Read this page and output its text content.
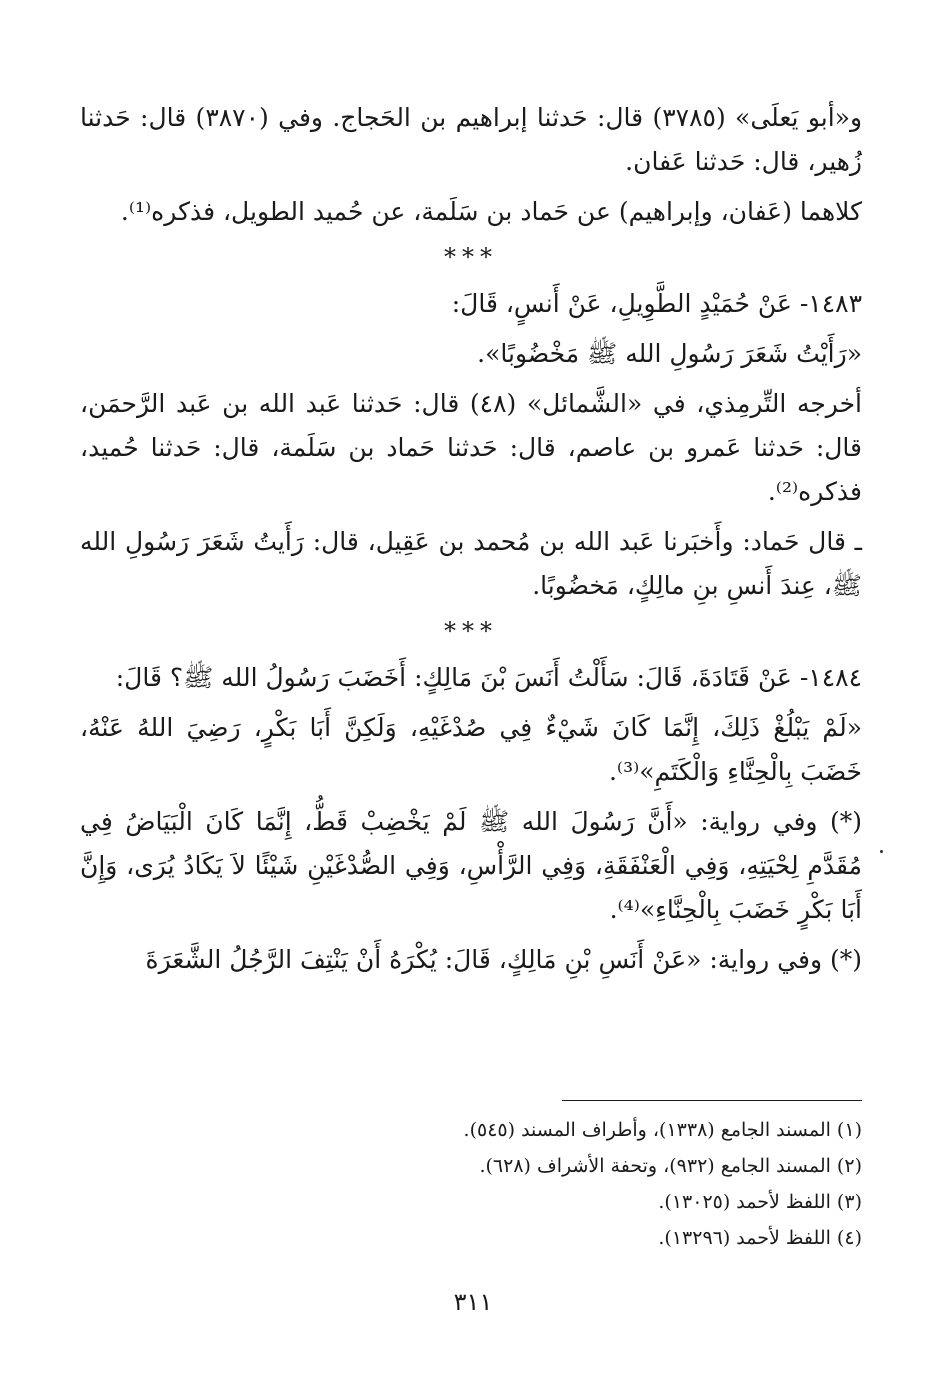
و«أبو يَعلَى» (٣٧٨٥) قال: حَدثنا إبراهيم بن الحَجاج. وفي (٣٨٧٠) قال: حَدثنا زُهير، قال: حَدثنا عَفان.

كلاهما (عَفان، وإبراهيم) عن حَماد بن سَلَمة، عن حُميد الطويل، فذكره⁽¹⁾.

***

١٤٨٣- عَنْ حُمَيْدٍ الطَّوِيلِ، عَنْ أَنسٍ، قَالَ:

«رَأَيْتُ شَعَرَ رَسُولِ الله ﷺ مَخْضُوبًا».

أخرجه التِّرمِذي، في «الشَّمائل» (٤٨) قال: حَدثنا عَبد الله بن عَبد الرَّحمَن، قال: حَدثنا عَمرو بن عاصم، قال: حَدثنا حَماد بن سَلَمة، قال: حَدثنا حُميد، فذكره⁽²⁾.

ـ قال حَماد: وأَخبَرنا عَبد الله بن مُحمد بن عَقِيل، قال: رَأَيتُ شَعَرَ رَسُولِ الله ﷺ، عِندَ أَنسِ بنِ مالِكٍ، مَخضُوبًا.

***

١٤٨٤- عَنْ قَتَادَةَ، قَالَ: سَأَلْتُ أَنَسَ بْنَ مَالِكٍ: أَخَضَبَ رَسُولُ الله ﷺ؟ قَالَ:

«لَمْ يَبْلُغْ ذَلِكَ، إِنَّمَا كَانَ شَيْءٌ فِي صُدْغَيْهِ، وَلَكِنَّ أَبَا بَكْرٍ، رَضِيَ اللهُ عَنْهُ، خَضَبَ بِالْحِنَّاءِ وَالْكَتَمِ»⁽³⁾.

(*) وفي رواية: «أَنَّ رَسُولَ الله ﷺ لَمْ يَخْضِبْ قَطُّ، إِنَّمَا كَانَ الْبَيَاضُ فِي مُقَدَّمِ لِحْيَتِهِ، وَفِي الْعَنْفَقَةِ، وَفِي الرَّأْسِ، وَفِي الصُّدْغَيْنِ شَيْئًا لاَ يَكَادُ يُرَى، وَإِنَّ أَبَا بَكْرٍ خَضَبَ بِالْحِنَّاءِ»⁽⁴⁾.

(*) وفي رواية: «عَنْ أَنَسِ بْنِ مَالِكٍ، قَالَ: يُكْرَهُ أَنْ يَنْتِفَ الرَّجُلُ الشَّعَرَةَ

(١) المسند الجامع (١٣٣٨)، وأطراف المسند (٥٤٥).

(٢) المسند الجامع (٩٣٢)، وتحفة الأشراف (٦٢٨).

(٣) اللفظ لأحمد (١٣٠٢٥).

(٤) اللفظ لأحمد (١٣٢٩٦).

٣١١
